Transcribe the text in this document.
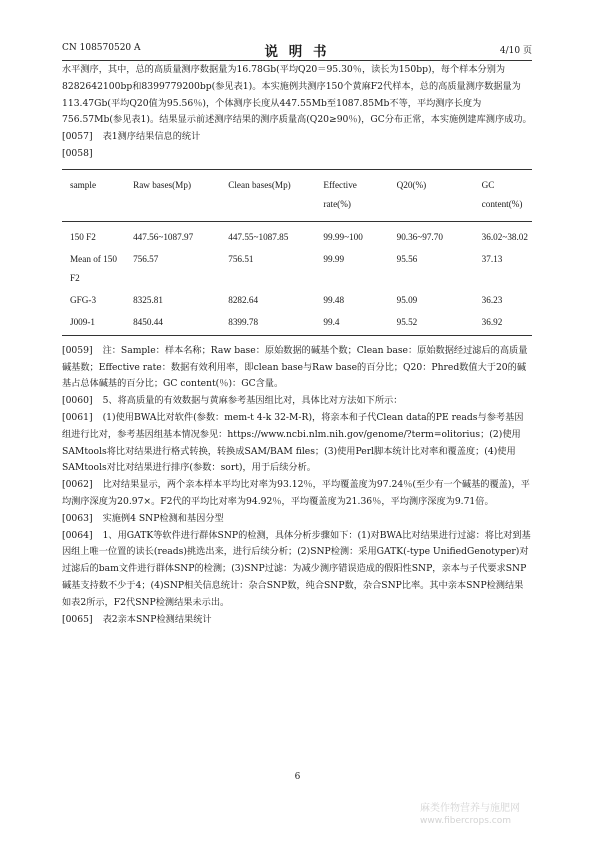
CN 108570520 A	说 明 书	4/10 页

水平测序，其中，总的高质量测序数据量为16.78Gb(平均Q20＝95.30％，读长为150bp)，每个样本分别为8282642100bp和8399779200bp(参见表1)。本实施例共测序150个黄麻F2代样本，总的高质量测序数据量为113.47Gb(平均Q20值为95.56％)，个体测序长度从447.55Mb至1087.85Mb不等，平均测序长度为756.57Mb(参见表1)。结果显示前述测序结果的测序质量高(Q20≥90％)，GC分布正常，本实施例建库测序成功。

[0057] 表1测序结果信息的统计

[0058]

sample	Raw bases(Mp)	Clean bases(Mp)	Effective rate(%)	Q20(%)	GC content(%)
150 F2	447.56~1087.97	447.55~1087.85	99.99~100	90.36~97.70	36.02~38.02
Mean of 150 F2	756.57	756.51	99.99	95.56	37.13
GFG-3	8325.81	8282.64	99.48	95.09	36.23
J009-1	8450.44	8399.78	99.4	95.52	36.92

[0059] 注：Sample：样本名称；Raw base：原始数据的碱基个数；Clean base：原始数据经过滤后的高质量碱基数；Effective rate：数据有效利用率，即clean base与Raw base的百分比；Q20：Phred数值大于20的碱基占总体碱基的百分比；GC content(％)：GC含量。

[0060] 5、将高质量的有效数据与黄麻参考基因组比对，具体比对方法如下所示：

[0061] (1)使用BWA比对软件(参数：mem-t 4-k 32-M-R)，将亲本和子代Clean data的PE reads与参考基因组进行比对，参考基因组基本情况参见：https://www.ncbi.nlm.nih.gov/genome/?term=olitorius；(2)使用SAMtools将比对结果进行格式转换，转换成SAM/BAM files；(3)使用Perl脚本统计比对率和覆盖度；(4)使用SAMtools对比对结果进行排序(参数：sort)，用于后续分析。

[0062] 比对结果显示，两个亲本样本平均比对率为93.12％，平均覆盖度为97.24％(至少有一个碱基的覆盖)，平均测序深度为20.97×。F2代的平均比对率为94.92％，平均覆盖度为21.36％，平均测序深度为9.71倍。

[0063] 实施例4 SNP检测和基因分型

[0064] 1、用GATK等软件进行群体SNP的检测，具体分析步骤如下：(1)对BWA比对结果进行过滤：将比对到基因组上唯一位置的读长(reads)挑选出来，进行后续分析；(2)SNP检测：采用GATK(-type UnifiedGenotyper)对过滤后的bam文件进行群体SNP的检测；(3)SNP过滤：为减少测序错误造成的假阳性SNP，亲本与子代要求SNP碱基支持数不少于4；(4)SNP相关信息统计：杂合SNP数，纯合SNP数，杂合SNP比率。其中亲本SNP检测结果如表2所示，F2代SNP检测结果未示出。

[0065] 表2亲本SNP检测结果统计

6
麻类作物营养与施肥网
www.fibercrops.com
